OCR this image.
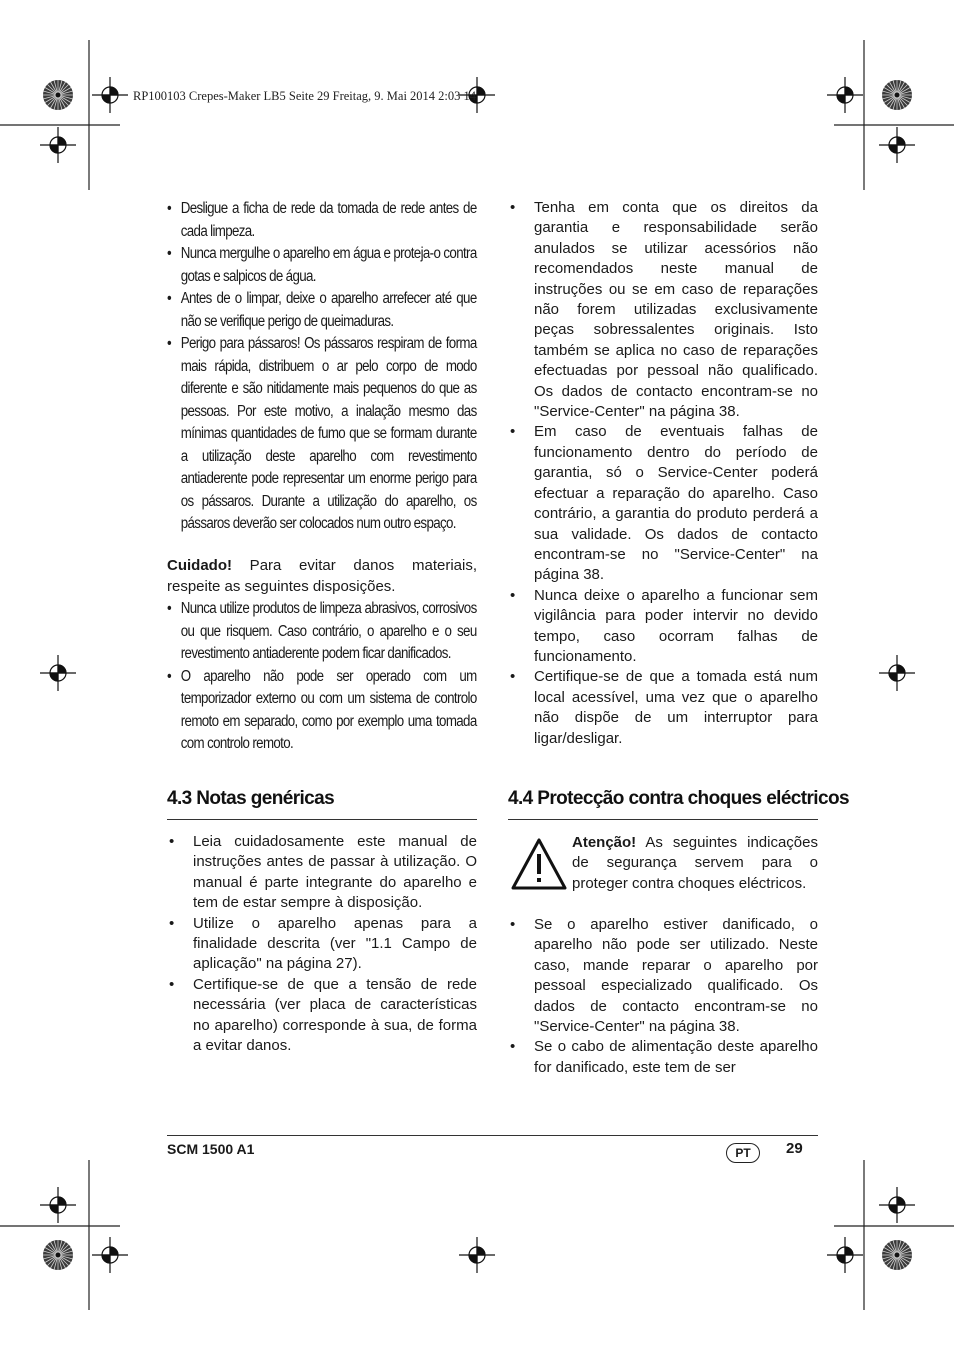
RP100103 Crepes-Maker LB5 Seite 29 Freitag, 9. Mai 2014 2:03 14
• Desligue a ficha de rede da tomada de rede antes de cada limpeza.
• Nunca mergulhe o aparelho em água e proteja-o contra gotas e salpicos de água.
• Antes de o limpar, deixe o aparelho arrefecer até que não se verifique perigo de queimaduras.
• Perigo para pássaros! Os pássaros respiram de forma mais rápida, distribuem o ar pelo corpo de modo diferente e são nitidamente mais pequenos do que as pessoas. Por este motivo, a inalação mesmo das mínimas quantidades de fumo que se formam durante a utilização deste aparelho com revestimento antiaderente pode representar um enorme perigo para os pássaros. Durante a utilização do aparelho, os pássaros deverão ser colocados num outro espaço.
Cuidado! Para evitar danos materiais, respeite as seguintes disposições.
• Nunca utilize produtos de limpeza abrasivos, corrosivos ou que risquem. Caso contrário, o aparelho e o seu revestimento antiaderente podem ficar danificados.
• O aparelho não pode ser operado com um temporizador externo ou com um sistema de controlo remoto em separado, como por exemplo uma tomada com controlo remoto.
4.3 Notas genéricas
• Leia cuidadosamente este manual de instruções antes de passar à utilização. O manual é parte integrante do aparelho e tem de estar sempre à disposição.
• Utilize o aparelho apenas para a finalidade descrita (ver "1.1 Campo de aplicação" na página 27).
• Certifique-se de que a tensão de rede necessária (ver placa de características no aparelho) corresponde à sua, de forma a evitar danos.
• Tenha em conta que os direitos da garantia e responsabilidade serão anulados se utilizar acessórios não recomendados neste manual de instruções ou se em caso de reparações não forem utilizadas exclusivamente peças sobressalentes originais. Isto também se aplica no caso de reparações efectuadas por pessoal não qualificado. Os dados de contacto encontram-se no "Service-Center" na página 38.
• Em caso de eventuais falhas de funcionamento dentro do período de garantia, só o Service-Center poderá efectuar a reparação do aparelho. Caso contrário, a garantia do produto perderá a sua validade. Os dados de contacto encontram-se no "Service-Center" na página 38.
• Nunca deixe o aparelho a funcionar sem vigilância para poder intervir no devido tempo, caso ocorram falhas de funcionamento.
• Certifique-se de que a tomada está num local acessível, uma vez que o aparelho não dispõe de um interruptor para ligar/desligar.
4.4 Protecção contra choques eléctricos
Atenção! As seguintes indicações de segurança servem para o proteger contra choques eléctricos.
• Se o aparelho estiver danificado, o aparelho não pode ser utilizado. Neste caso, mande reparar o aparelho por pessoal especializado qualificado. Os dados de contacto encontram-se no "Service-Center" na página 38.
• Se o cabo de alimentação deste aparelho for danificado, este tem de ser
SCM 1500 A1	PT	29
